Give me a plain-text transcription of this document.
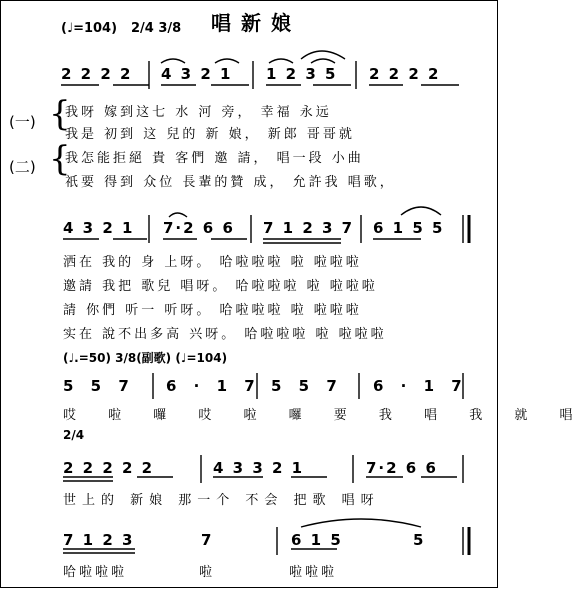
(♩=104) 2/4 3/8 唱新娘
2 2 2 2 4 3 2 1 1 2 3 5 2 2 2 2
(一) {
(二) {
我呀 嫁到这七 水 河 旁， 幸福 永远
我是 初到 这 兒的 新 娘， 新郎 哥哥就
我怎能拒絕 貴 客們 邀 請， 唱一段 小曲
祇要 得到 众位 長輩的贊 成， 允許我 唱歌，
4 3 2 1 7·2 6 6 7 1 2 3 7 6 1 5 5
洒在 我的 身 上呀。 哈啦啦啦 啦 啦啦啦
邀請 我把 歌兒 唱呀。 哈啦啦啦 啦 啦啦啦
請 你們 听一 听呀。 哈啦啦啦 啦 啦啦啦
实在 說不出多高 兴呀。 哈啦啦啦 啦 啦啦啦
(♩.=50) 3/8(副歌) (♩=104)
5 5 7 6 · 1 7 5 5 7 6 · 1 7
哎 啦 囉 哎 啦 囉 要 我 唱 我 就 唱
2/4
2 2 2 2 2	4 3 3 2 1	7·2 6 6
世上的 新娘 那一个 不会 把歌 唱呀
7 1 2 3	7	6 1 5	5
哈啦啦啦	啦	啦啦啦
